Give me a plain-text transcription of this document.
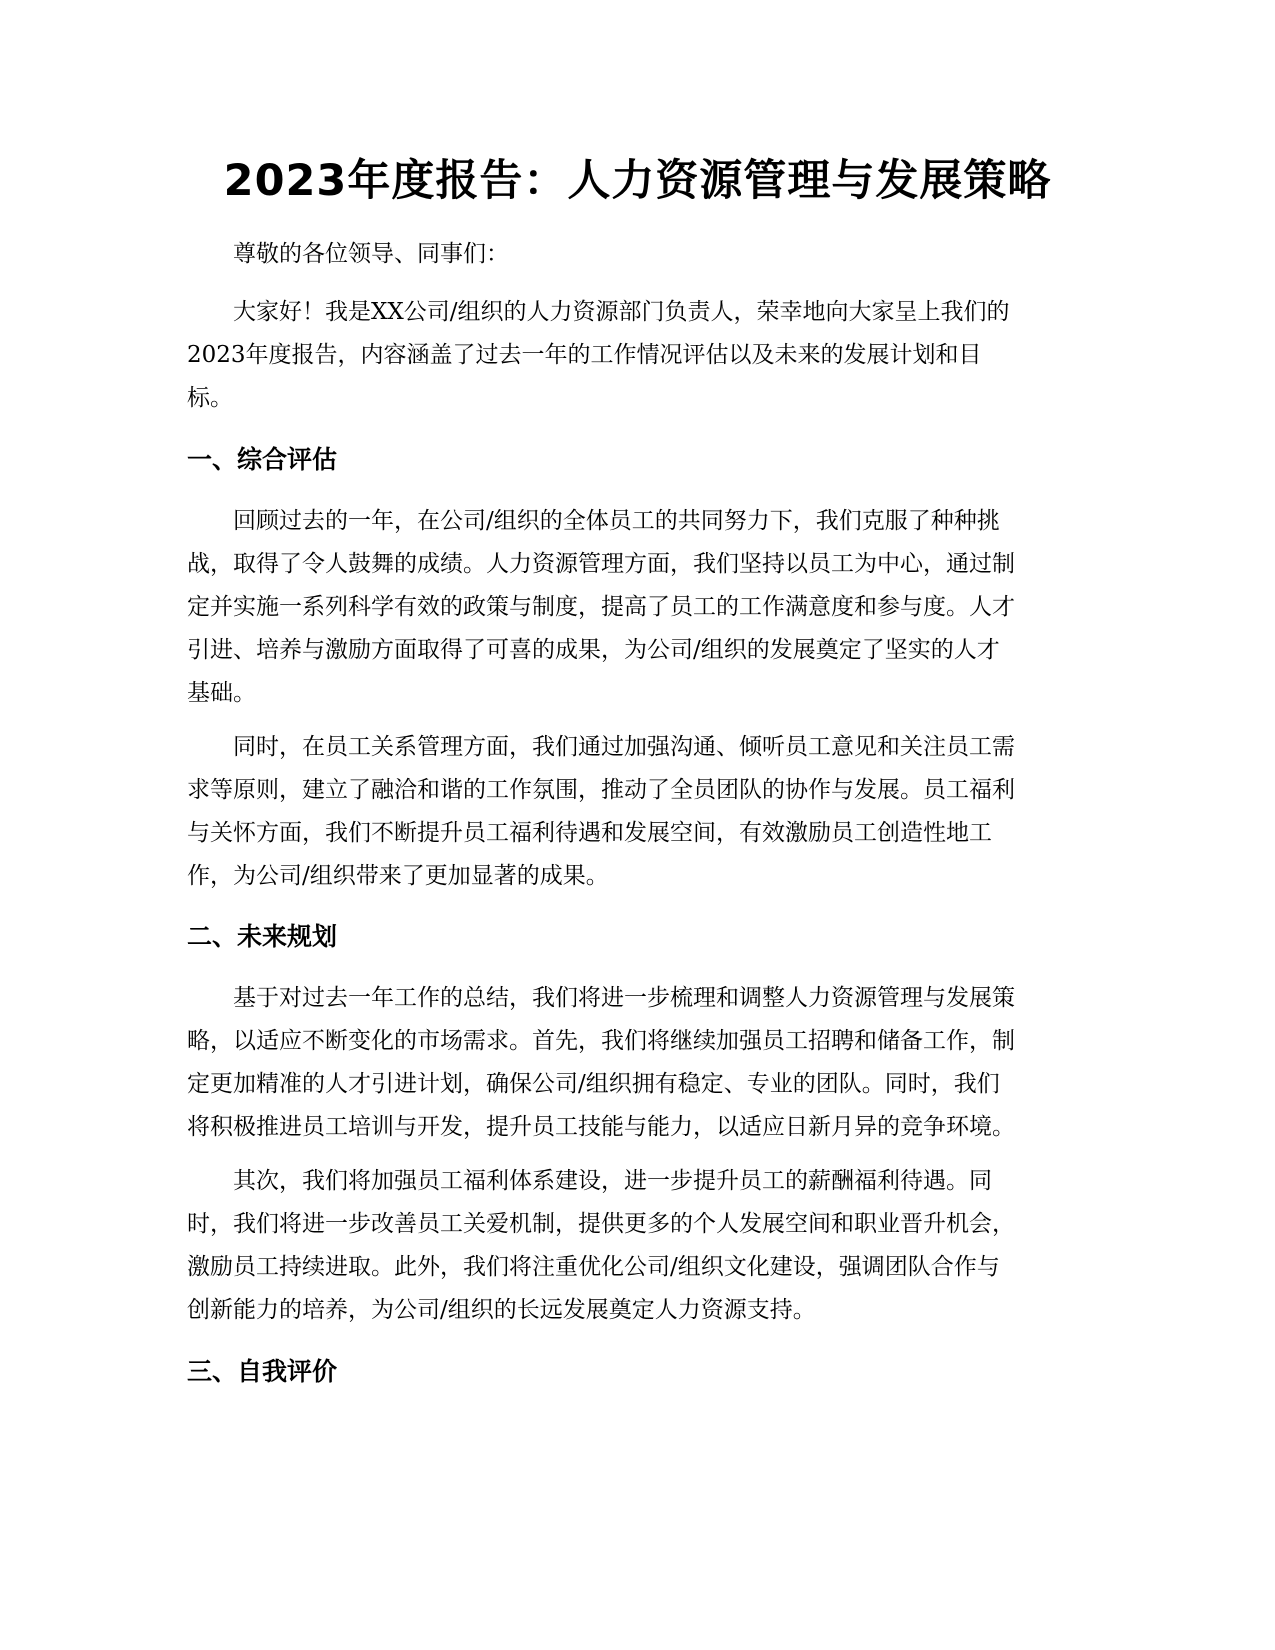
2023年度报告：人力资源管理与发展策略

尊敬的各位领导、同事们：

大家好！我是XX公司/组织的人力资源部门负责人，荣幸地向大家呈上我们的
2023年度报告，内容涵盖了过去一年的工作情况评估以及未来的发展计划和目
标。

一、综合评估

回顾过去的一年，在公司/组织的全体员工的共同努力下，我们克服了种种挑
战，取得了令人鼓舞的成绩。人力资源管理方面，我们坚持以员工为中心，通过制
定并实施一系列科学有效的政策与制度，提高了员工的工作满意度和参与度。人才
引进、培养与激励方面取得了可喜的成果，为公司/组织的发展奠定了坚实的人才
基础。

同时，在员工关系管理方面，我们通过加强沟通、倾听员工意见和关注员工需
求等原则，建立了融洽和谐的工作氛围，推动了全员团队的协作与发展。员工福利
与关怀方面，我们不断提升员工福利待遇和发展空间，有效激励员工创造性地工
作，为公司/组织带来了更加显著的成果。

二、未来规划

基于对过去一年工作的总结，我们将进一步梳理和调整人力资源管理与发展策
略，以适应不断变化的市场需求。首先，我们将继续加强员工招聘和储备工作，制
定更加精准的人才引进计划，确保公司/组织拥有稳定、专业的团队。同时，我们
将积极推进员工培训与开发，提升员工技能与能力，以适应日新月异的竞争环境。

其次，我们将加强员工福利体系建设，进一步提升员工的薪酬福利待遇。同
时，我们将进一步改善员工关爱机制，提供更多的个人发展空间和职业晋升机会，
激励员工持续进取。此外，我们将注重优化公司/组织文化建设，强调团队合作与
创新能力的培养，为公司/组织的长远发展奠定人力资源支持。

三、自我评价
